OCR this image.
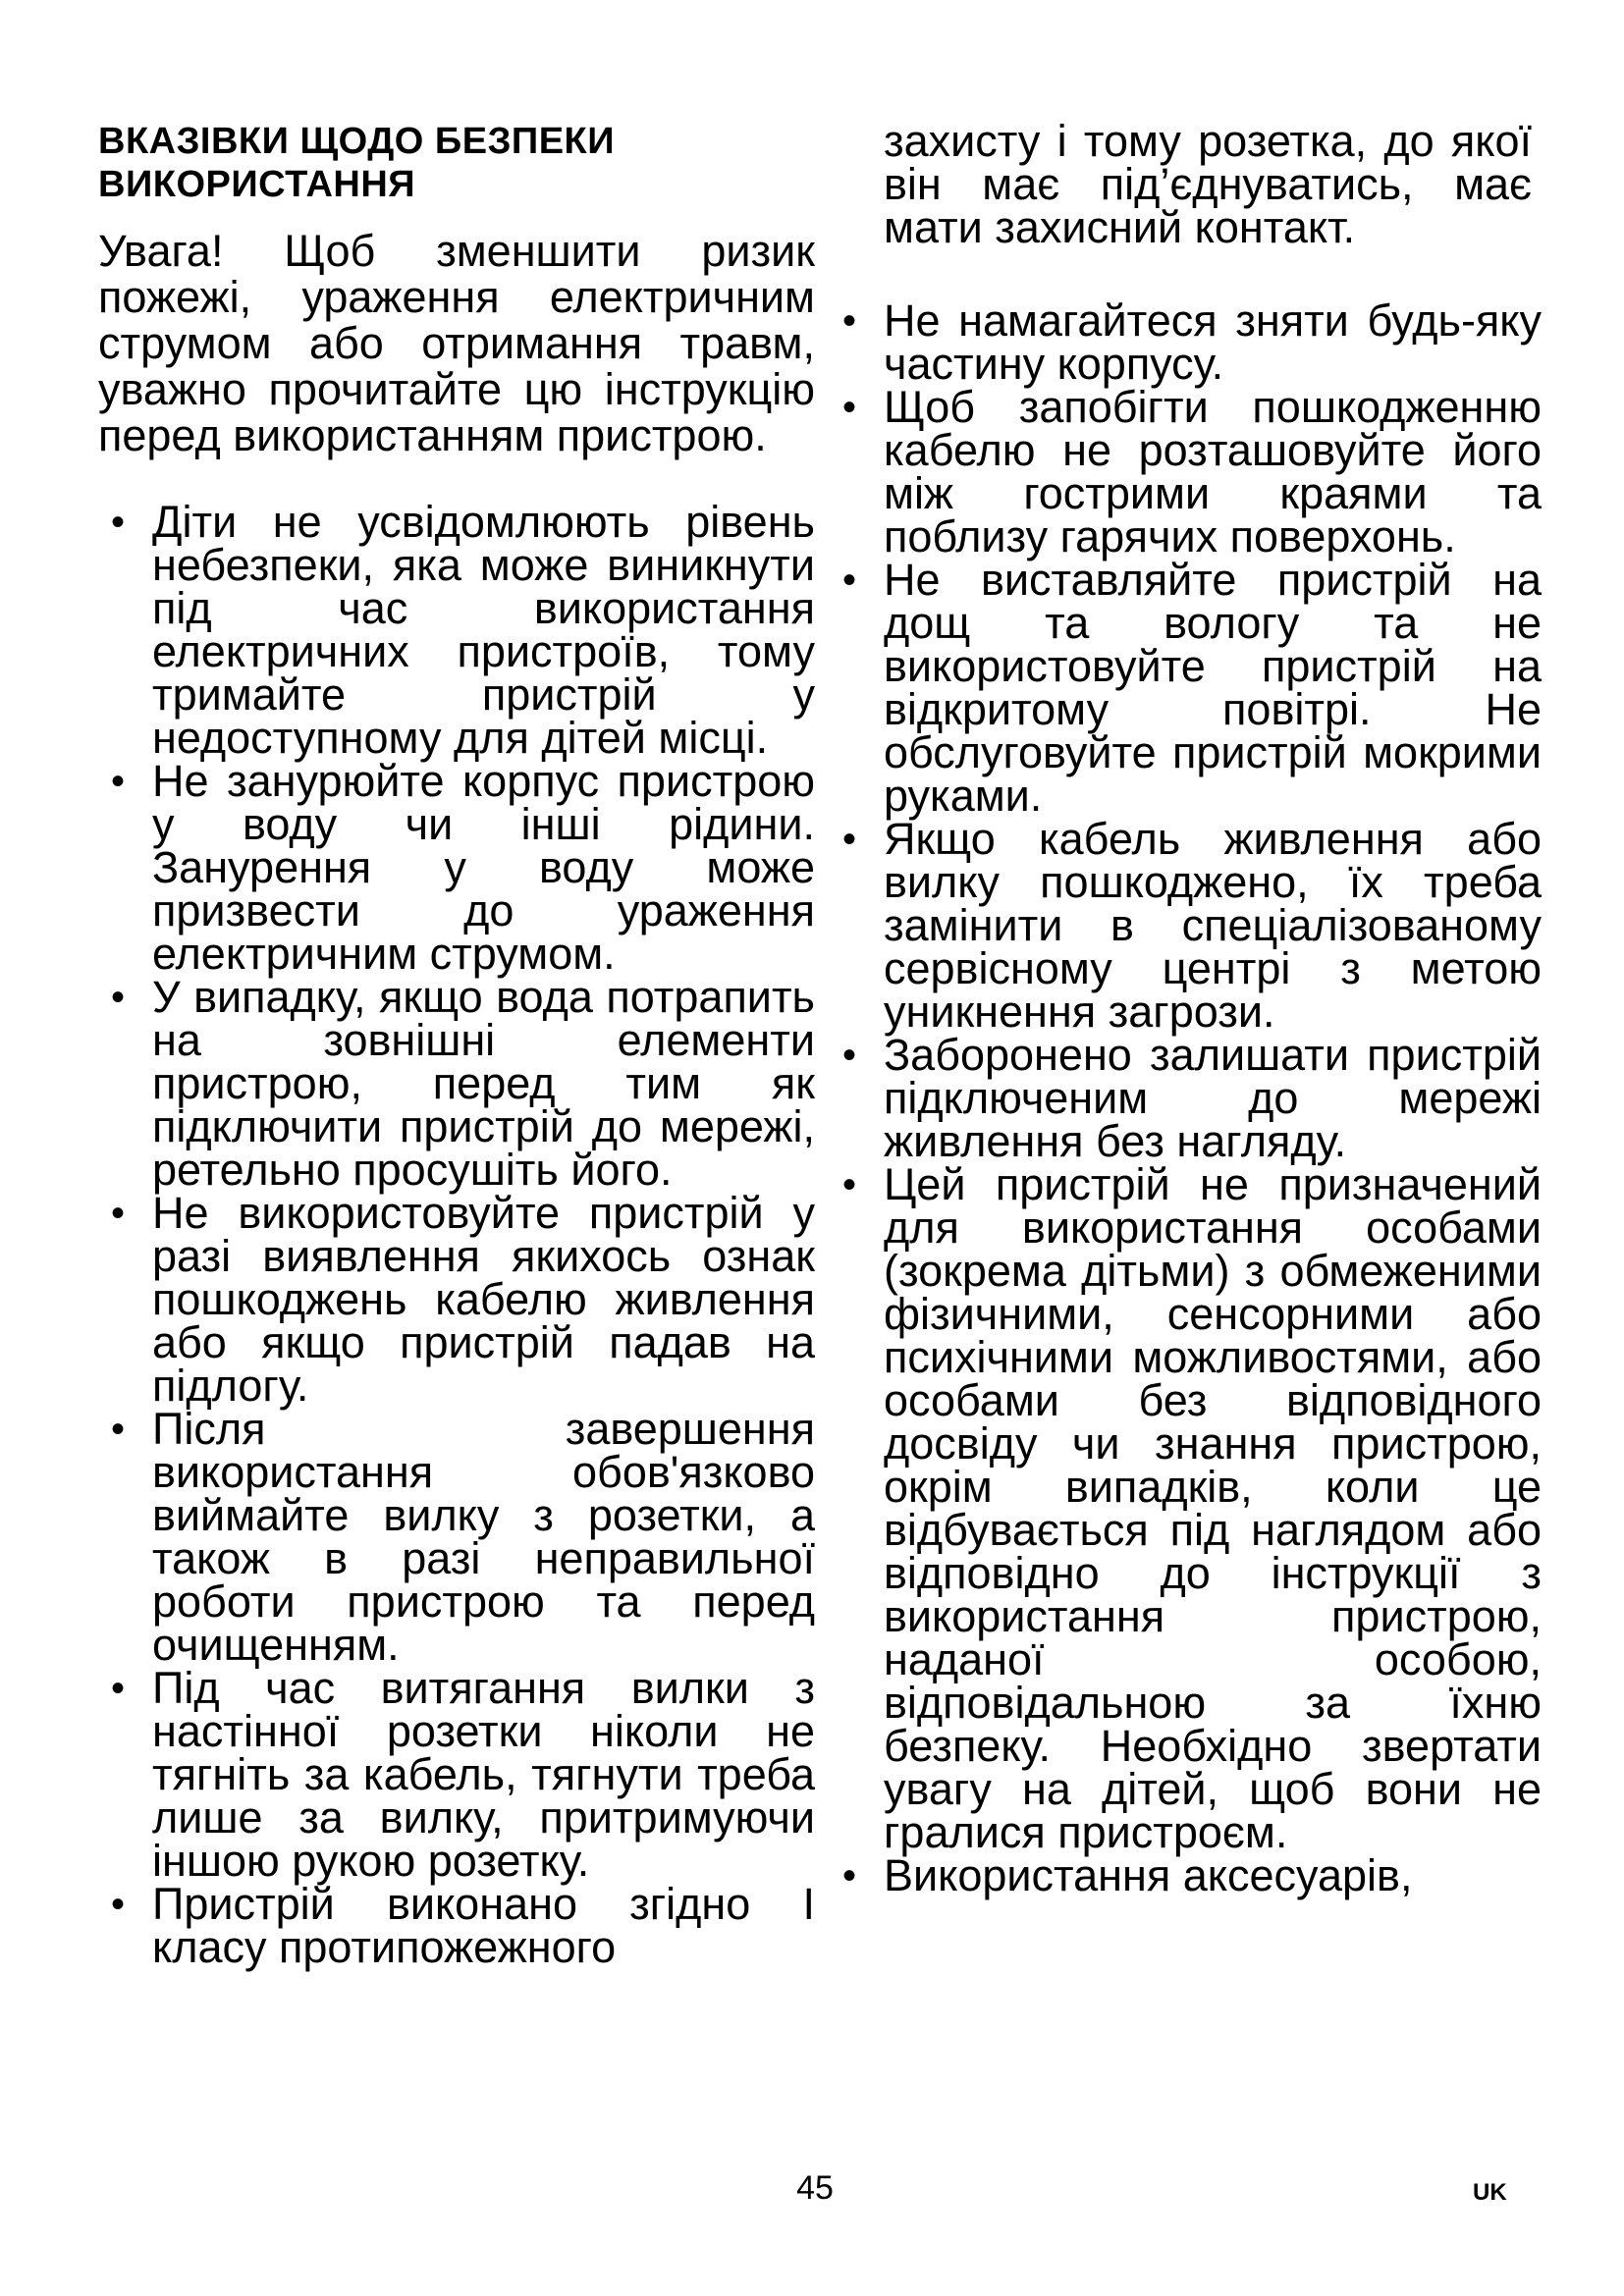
ВКАЗІВКИ ЩОДО БЕЗПЕКИ ВИКОРИСТАННЯ
Увага! Щоб зменшити ризик пожежі, ураження електричним струмом або отримання травм, уважно прочитайте цю інструкцію перед використанням пристрою.
• Діти не усвідомлюють рівень небезпеки, яка може виникнути під час використання електричних пристроїв, тому тримайте пристрій у недоступному для дітей місці.
• Не занурюйте корпус пристрою у воду чи інші рідини. Занурення у воду може призвести до ураження електричним струмом.
• У випадку, якщо вода потрапить на зовнішні елементи пристрою, перед тим як підключити пристрій до мережі, ретельно просушіть його.
• Не використовуйте пристрій у разі виявлення якихось ознак пошкоджень кабелю живлення або якщо пристрій падав на підлогу.
• Після завершення використання обов'язково виймайте вилку з розетки, а також в разі неправильної роботи пристрою та перед очищенням.
• Під час витягання вилки з настінної розетки ніколи не тягніть за кабель, тягнути треба лише за вилку, притримуючи іншою рукою розетку.
• Пристрій виконано згідно І класу протипожежного
захисту і тому розетка, до якої він має під’єднуватись, має мати захисний контакт.
• Не намагайтеся зняти будь-яку частину корпусу.
• Щоб запобігти пошкодженню кабелю не розташовуйте його між гострими краями та поблизу гарячих поверхонь.
• Не виставляйте пристрій на дощ та вологу та не використовуйте пристрій на відкритому повітрі. Не обслуговуйте пристрій мокрими руками.
• Якщо кабель живлення або вилку пошкоджено, їх треба замінити в спеціалізованому сервісному центрі з метою уникнення загрози.
• Заборонено залишати пристрій підключеним до мережі живлення без нагляду.
• Цей пристрій не призначений для використання особами (зокрема дітьми) з обмеженими фізичними, сенсорними або психічними можливостями, або особами без відповідного досвіду чи знання пристрою, окрім випадків, коли це відбувається під наглядом або відповідно до інструкції з використання пристрою, наданої особою, відповідальною за їхню безпеку. Необхідно звертати увагу на дітей, щоб вони не гралися пристроєм.
• Використання аксесуарів,
45	UK
